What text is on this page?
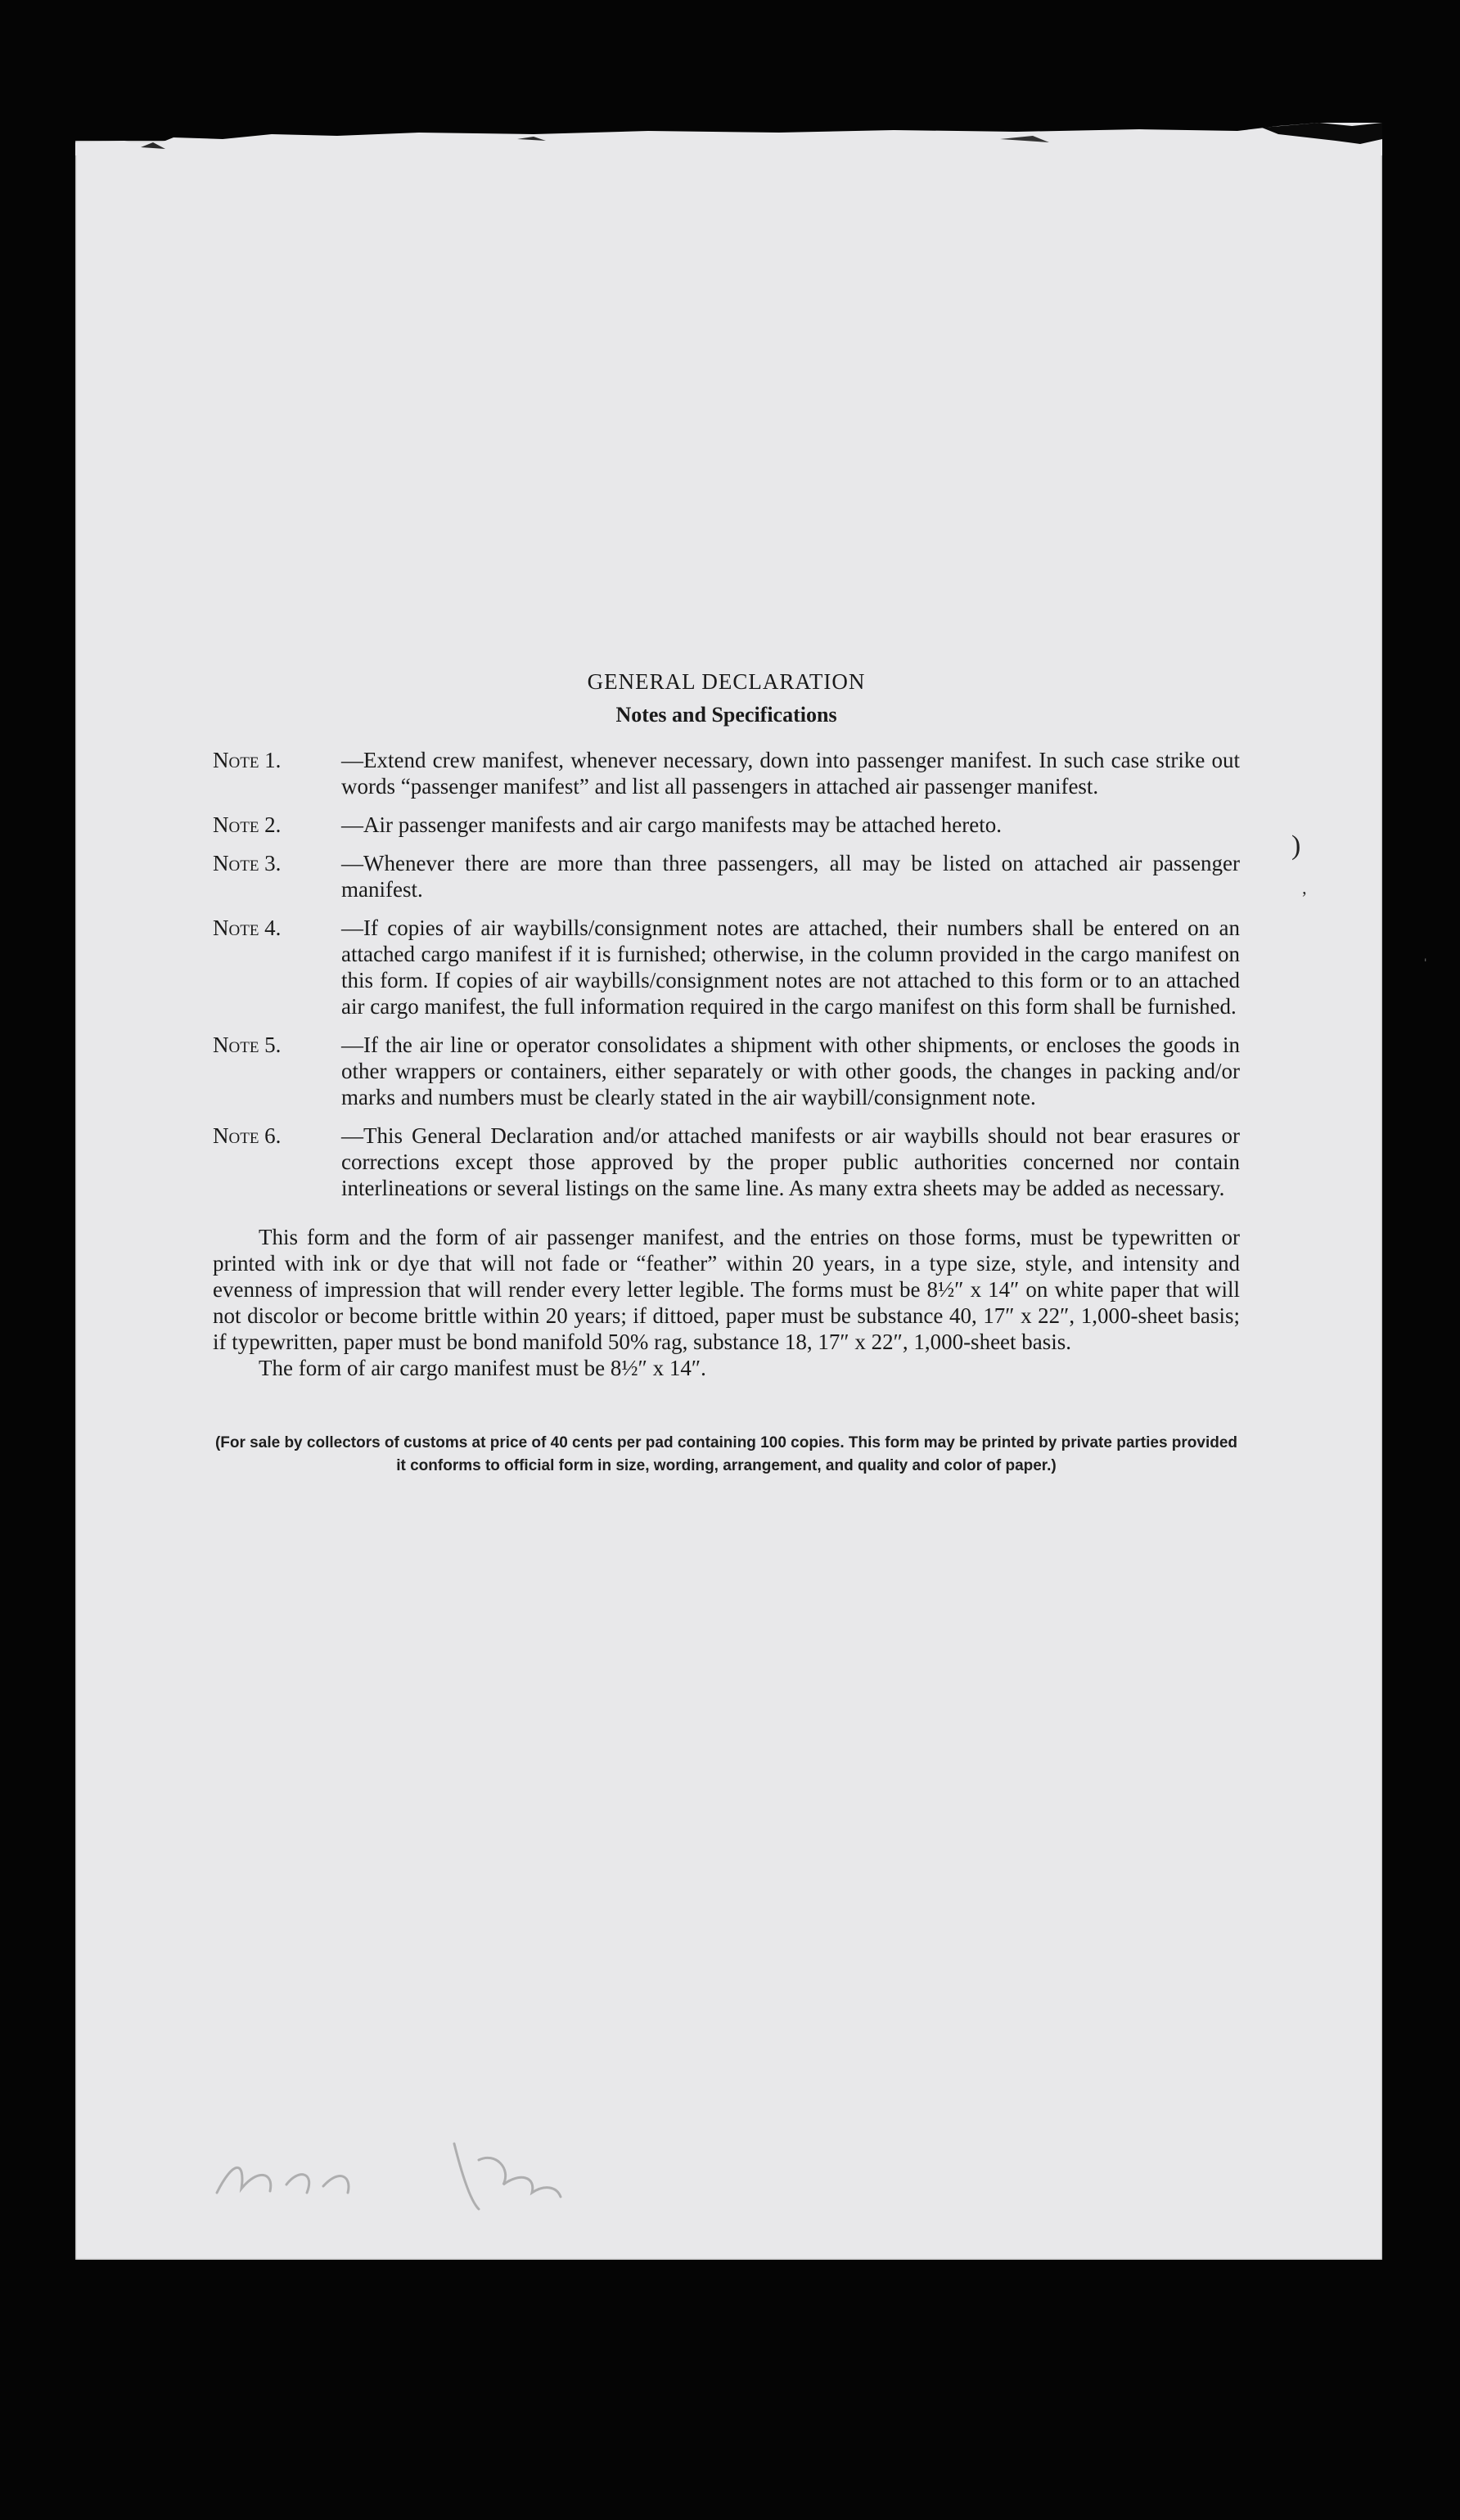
GENERAL DECLARATION
Notes and Specifications
Note 1.	—Extend crew manifest, whenever necessary, down into passenger manifest. In such case strike out words “passenger manifest” and list all passengers in attached air passenger manifest.
Note 2.	—Air passenger manifests and air cargo manifests may be attached hereto.
Note 3.	—Whenever there are more than three passengers, all may be listed on attached air passenger manifest.
Note 4.	—If copies of air waybills/consignment notes are attached, their numbers shall be entered on an attached cargo manifest if it is furnished; otherwise, in the column provided in the cargo manifest on this form. If copies of air waybills/consignment notes are not attached to this form or to an attached air cargo manifest, the full information required in the cargo manifest on this form shall be furnished.
Note 5.	—If the air line or operator consolidates a shipment with other shipments, or encloses the goods in other wrappers or containers, either separately or with other goods, the changes in packing and/or marks and numbers must be clearly stated in the air waybill/consignment note.
Note 6.	—This General Declaration and/or attached manifests or air waybills should not bear erasures or corrections except those approved by the proper public authorities concerned nor contain interlineations or several listings on the same line. As many extra sheets may be added as necessary.

This form and the form of air passenger manifest, and the entries on those forms, must be typewritten or printed with ink or dye that will not fade or “feather” within 20 years, in a type size, style, and intensity and evenness of impression that will render every letter legible. The forms must be 8½″ x 14″ on white paper that will not discolor or become brittle within 20 years; if dittoed, paper must be substance 40, 17″ x 22″, 1,000-sheet basis; if typewritten, paper must be bond manifold 50% rag, substance 18, 17″ x 22″, 1,000-sheet basis.

The form of air cargo manifest must be 8½″ x 14″.

(For sale by collectors of customs at price of 40 cents per pad containing 100 copies. This form may be printed by private parties provided it conforms to official form in size, wording, arrangement, and quality and color of paper.)
)
ʼ
ˌ
